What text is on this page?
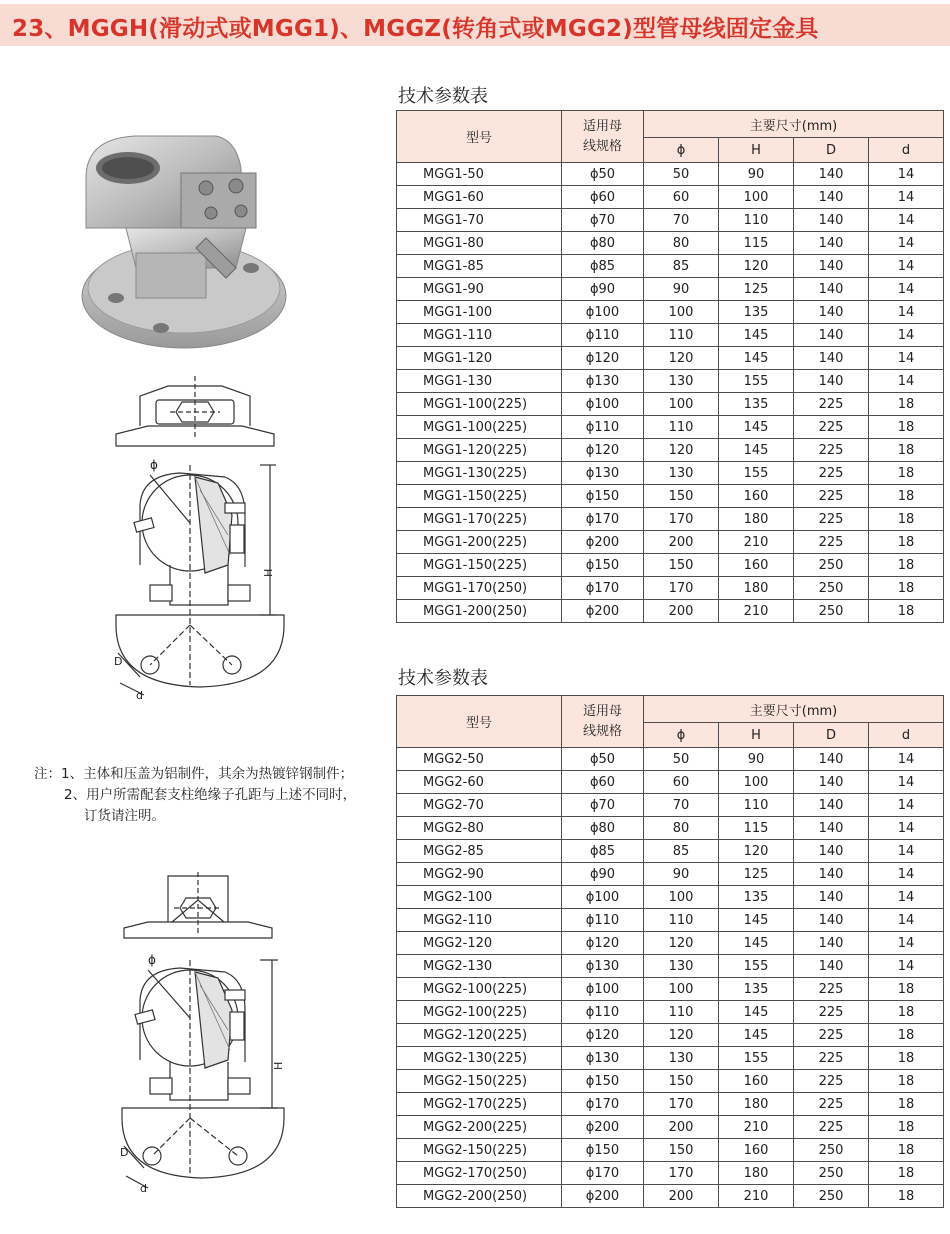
23、MGGH(滑动式或MGG1)、MGGZ(转角式或MGG2)型管母线固定金具
ϕ
H
D
d
注：1、主体和压盖为铝制件，其余为热镀锌钢制件；
2、用户所需配套支柱绝缘子孔距与上述不同时，
订货请注明。
ϕ
H
D
d
技术参数表
型号	适用母线规格	主要尺寸(mm)			
		ϕ	H	D	d
MGG1-50	ϕ50	50	90	140	14
MGG1-60	ϕ60	60	100	140	14
MGG1-70	ϕ70	70	110	140	14
MGG1-80	ϕ80	80	115	140	14
MGG1-85	ϕ85	85	120	140	14
MGG1-90	ϕ90	90	125	140	14
MGG1-100	ϕ100	100	135	140	14
MGG1-110	ϕ110	110	145	140	14
MGG1-120	ϕ120	120	145	140	14
MGG1-130	ϕ130	130	155	140	14
MGG1-100(225)	ϕ100	100	135	225	18
MGG1-100(225)	ϕ110	110	145	225	18
MGG1-120(225)	ϕ120	120	145	225	18
MGG1-130(225)	ϕ130	130	155	225	18
MGG1-150(225)	ϕ150	150	160	225	18
MGG1-170(225)	ϕ170	170	180	225	18
MGG1-200(225)	ϕ200	200	210	225	18
MGG1-150(225)	ϕ150	150	160	250	18
MGG1-170(250)	ϕ170	170	180	250	18
MGG1-200(250)	ϕ200	200	210	250	18
技术参数表
型号	适用母线规格	主要尺寸(mm)			
		ϕ	H	D	d
MGG2-50	ϕ50	50	90	140	14
MGG2-60	ϕ60	60	100	140	14
MGG2-70	ϕ70	70	110	140	14
MGG2-80	ϕ80	80	115	140	14
MGG2-85	ϕ85	85	120	140	14
MGG2-90	ϕ90	90	125	140	14
MGG2-100	ϕ100	100	135	140	14
MGG2-110	ϕ110	110	145	140	14
MGG2-120	ϕ120	120	145	140	14
MGG2-130	ϕ130	130	155	140	14
MGG2-100(225)	ϕ100	100	135	225	18
MGG2-100(225)	ϕ110	110	145	225	18
MGG2-120(225)	ϕ120	120	145	225	18
MGG2-130(225)	ϕ130	130	155	225	18
MGG2-150(225)	ϕ150	150	160	225	18
MGG2-170(225)	ϕ170	170	180	225	18
MGG2-200(225)	ϕ200	200	210	225	18
MGG2-150(225)	ϕ150	150	160	250	18
MGG2-170(250)	ϕ170	170	180	250	18
MGG2-200(250)	ϕ200	200	210	250	18
